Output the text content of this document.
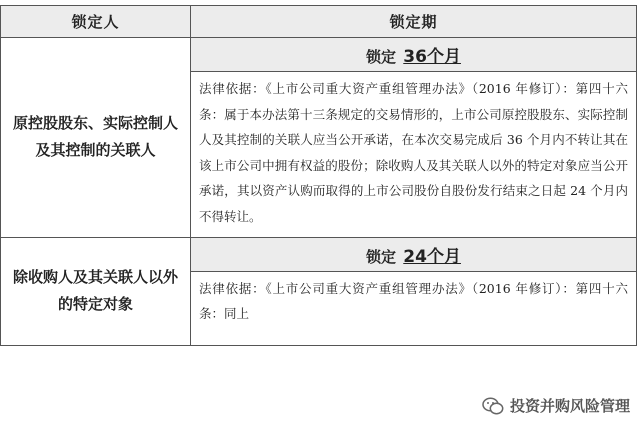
锁定人	锁定期
原控股股东、实际控制人及其控制的关联人	锁定 36个月

	法律依据：《上市公司重大资产重组管理办法》（2016 年修订）：第四十六条：属于本办法第十三条规定的交易情形的，上市公司原控股股东、实际控制人及其控制的关联人应当公开承诺，在本次交易完成后 36 个月内不转让其在该上市公司中拥有权益的股份；除收购人及其关联人以外的特定对象应当公开承诺，其以资产认购而取得的上市公司股份自股份发行结束之日起 24 个月内不得转让。

除收购人及其关联人以外的特定对象	锁定 24个月

	法律依据：《上市公司重大资产重组管理办法》（2016 年修订）：第四十六条：同上

投资并购风险管理
